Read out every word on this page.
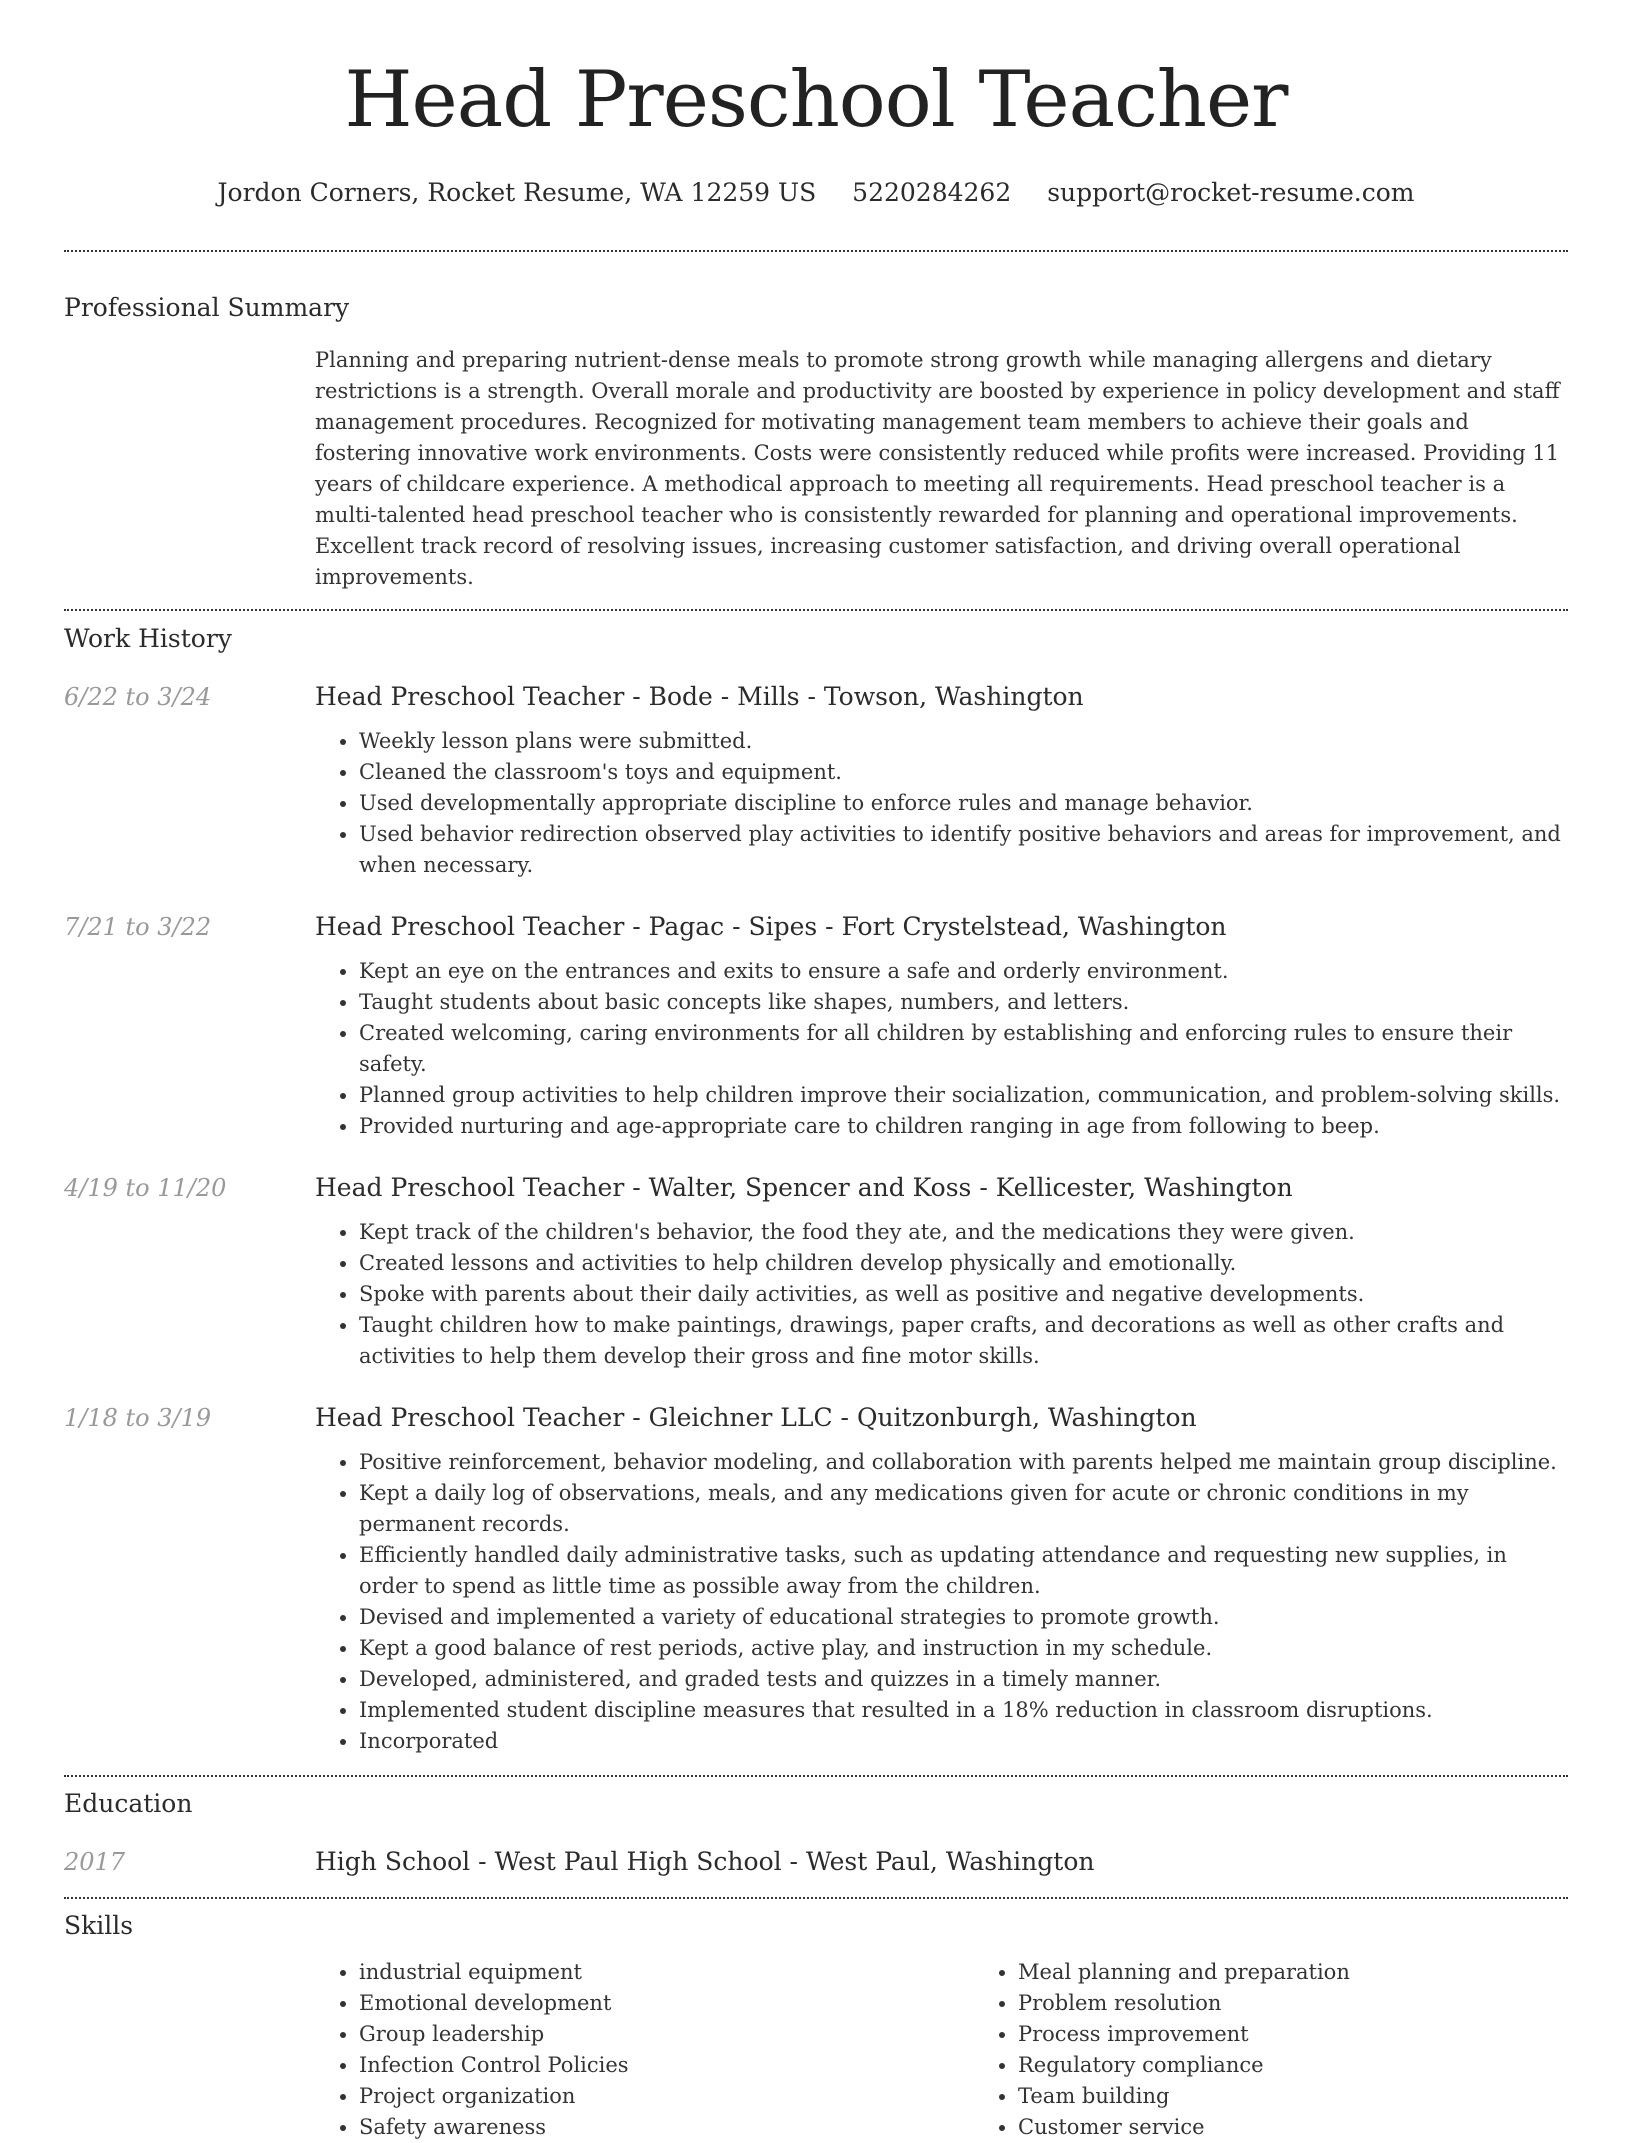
Head Preschool Teacher
Jordon Corners, Rocket Resume, WA 12259 US 5220284262 support@rocket-resume.com
Professional Summary

Planning and preparing nutrient-dense meals to promote strong growth while managing allergens and dietary restrictions is a strength. Overall morale and productivity are boosted by experience in policy development and staff management procedures. Recognized for motivating management team members to achieve their goals and fostering innovative work environments. Costs were consistently reduced while profits were increased. Providing 11 years of childcare experience. A methodical approach to meeting all requirements. Head preschool teacher is a multi-talented head preschool teacher who is consistently rewarded for planning and operational improvements. Excellent track record of resolving issues, increasing customer satisfaction, and driving overall operational improvements.

Work History
6/22 to 3/24	Head Preschool Teacher - Bode - Mills - Towson, Washington
• Weekly lesson plans were submitted.
• Cleaned the classroom's toys and equipment.
• Used developmentally appropriate discipline to enforce rules and manage behavior.
• Used behavior redirection observed play activities to identify positive behaviors and areas for improvement, and when necessary.
7/21 to 3/22	Head Preschool Teacher - Pagac - Sipes - Fort Crystelstead, Washington
• Kept an eye on the entrances and exits to ensure a safe and orderly environment.
• Taught students about basic concepts like shapes, numbers, and letters.
• Created welcoming, caring environments for all children by establishing and enforcing rules to ensure their safety.
• Planned group activities to help children improve their socialization, communication, and problem-solving skills.
• Provided nurturing and age-appropriate care to children ranging in age from following to beep.
4/19 to 11/20	Head Preschool Teacher - Walter, Spencer and Koss - Kellicester, Washington
• Kept track of the children's behavior, the food they ate, and the medications they were given.
• Created lessons and activities to help children develop physically and emotionally.
• Spoke with parents about their daily activities, as well as positive and negative developments.
• Taught children how to make paintings, drawings, paper crafts, and decorations as well as other crafts and activities to help them develop their gross and fine motor skills.
1/18 to 3/19	Head Preschool Teacher - Gleichner LLC - Quitzonburgh, Washington
• Positive reinforcement, behavior modeling, and collaboration with parents helped me maintain group discipline.
• Kept a daily log of observations, meals, and any medications given for acute or chronic conditions in my permanent records.
• Efficiently handled daily administrative tasks, such as updating attendance and requesting new supplies, in order to spend as little time as possible away from the children.
• Devised and implemented a variety of educational strategies to promote growth.
• Kept a good balance of rest periods, active play, and instruction in my schedule.
• Developed, administered, and graded tests and quizzes in a timely manner.
• Implemented student discipline measures that resulted in a 18% reduction in classroom disruptions.
• Incorporated
Education
2017	High School - West Paul High School - West Paul, Washington
Skills
• industrial equipment
• Emotional development
• Group leadership
• Infection Control Policies
• Project organization
• Safety awareness
• Meal planning and preparation
• Problem resolution
• Process improvement
• Regulatory compliance
• Team building
• Customer service
